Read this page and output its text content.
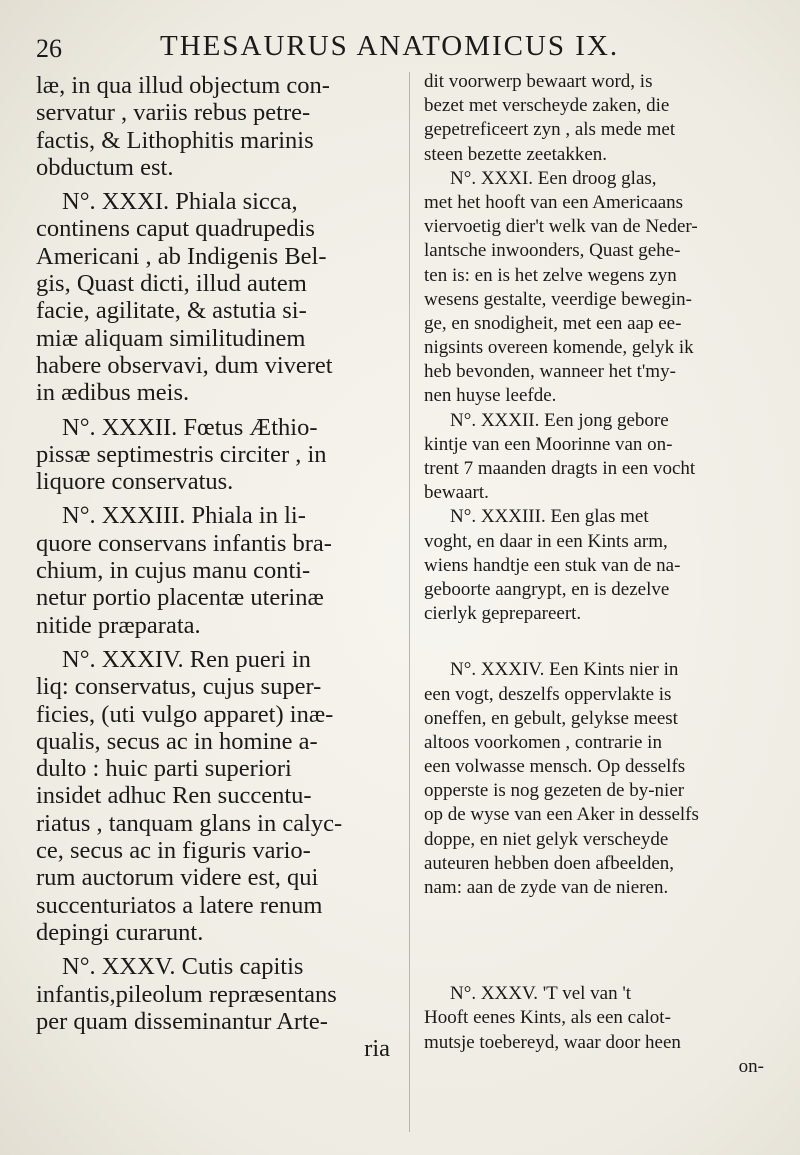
26	THESAURUS ANATOMICUS IX.
læ, in qua illud objectum con-
servatur , variis rebus petre-
factis, & Lithophitis marinis
obductum est.
N°. XXXI. Phiala sicca,
continens caput quadrupedis
Americani , ab Indigenis Bel-
gis, Quast dicti, illud autem
facie, agilitate, & astutia si-
miæ aliquam similitudinem
habere observavi, dum viveret
in ædibus meis.
N°. XXXII. Fœtus Æthio-
pissæ septimestris circiter , in
liquore conservatus.
N°. XXXIII. Phiala in li-
quore conservans infantis bra-
chium, in cujus manu conti-
netur portio placentæ uterinæ
nitide præparata.
N°. XXXIV. Ren pueri in
liq: conservatus, cujus super-
ficies, (uti vulgo apparet) inæ-
qualis, secus ac in homine a-
dulto : huic parti superiori
insidet adhuc Ren succentu-
riatus , tanquam glans in calyc-
ce, secus ac in figuris vario-
rum auctorum videre est, qui
succenturiatos a latere renum
depingi curarunt.
N°. XXXV. Cutis capitis
infantis,pileolum repræsentans
per quam disseminantur Arte-
ria
dit voorwerp bewaart word, is
bezet met verscheyde zaken, die
gepetreficeert zyn , als mede met
steen bezette zeetakken.
N°. XXXI. Een droog glas,
met het hooft van een Americaans
viervoetig dier't welk van de Neder-
lantsche inwoonders, Quast gehe-
ten is: en is het zelve wegens zyn
wesens gestalte, veerdige bewegin-
ge, en snodigheit, met een aap ee-
nigsints overeen komende, gelyk ik
heb bevonden, wanneer het t'my-
nen huyse leefde.
N°. XXXII. Een jong gebore
kintje van een Moorinne van on-
trent 7 maanden dragts in een vocht
bewaart.
N°. XXXIII. Een glas met
voght, en daar in een Kints arm,
wiens handtje een stuk van de na-
geboorte aangrypt, en is dezelve
cierlyk geprepareert.
N°. XXXIV. Een Kints nier in
een vogt, deszelfs oppervlakte is
oneffen, en gebult, gelykse meest
altoos voorkomen , contrarie in
een volwasse mensch. Op desselfs
opperste is nog gezeten de by-nier
op de wyse van een Aker in desselfs
doppe, en niet gelyk verscheyde
auteuren hebben doen afbeelden,
nam: aan de zyde van de nieren.
N°. XXXV. 'T vel van 't
Hooft eenes Kints, als een calot-
mutsje toebereyd, waar door heen
on-
